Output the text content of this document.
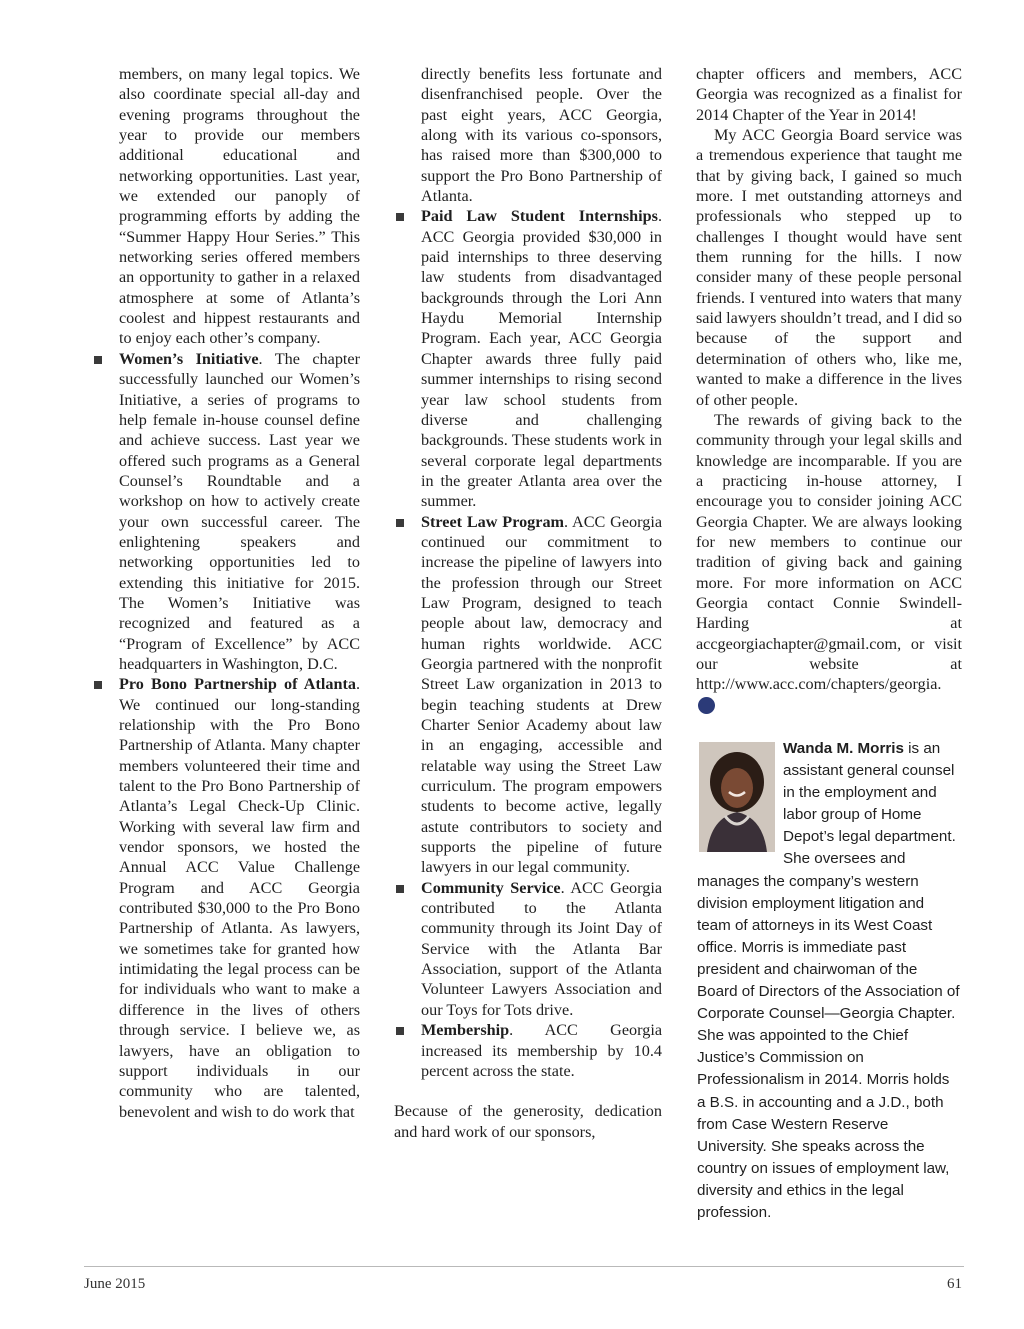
members, on many legal topics. We also coordinate special all-day and evening programs throughout the year to provide our members additional educational and networking opportunities. Last year, we extended our panoply of programming efforts by adding the “Summer Happy Hour Series.” This networking series offered members an opportunity to gather in a relaxed atmosphere at some of Atlanta’s coolest and hippest restaurants and to enjoy each other’s company.

Women’s Initiative. The chapter successfully launched our Women’s Initiative, a series of programs to help female in-house counsel define and achieve success. Last year we offered such programs as a General Counsel’s Roundtable and a workshop on how to actively create your own successful career. The enlightening speakers and networking opportunities led to extending this initiative for 2015. The Women’s Initiative was recognized and featured as a “Program of Excellence” by ACC headquarters in Washington, D.C.

Pro Bono Partnership of Atlanta. We continued our long-standing relationship with the Pro Bono Partnership of Atlanta. Many chapter members volunteered their time and talent to the Pro Bono Partnership of Atlanta’s Legal Check-Up Clinic. Working with several law firm and vendor sponsors, we hosted the Annual ACC Value Challenge Program and ACC Georgia contributed $30,000 to the Pro Bono Partnership of Atlanta. As lawyers, we sometimes take for granted how intimidating the legal process can be for individuals who want to make a difference in the lives of others through service. I believe we, as lawyers, have an obligation to support individuals in our community who are talented, benevolent and wish to do work that

directly benefits less fortunate and disenfranchised people. Over the past eight years, ACC Georgia, along with its various co-sponsors, has raised more than $300,000 to support the Pro Bono Partnership of Atlanta.

Paid Law Student Internships. ACC Georgia provided $30,000 in paid internships to three deserving law students from disadvantaged backgrounds through the Lori Ann Haydu Memorial Internship Program. Each year, ACC Georgia Chapter awards three fully paid summer internships to rising second year law school students from diverse and challenging backgrounds. These students work in several corporate legal departments in the greater Atlanta area over the summer.

Street Law Program. ACC Georgia continued our commitment to increase the pipeline of lawyers into the profession through our Street Law Program, designed to teach people about law, democracy and human rights worldwide. ACC Georgia partnered with the nonprofit Street Law organization in 2013 to begin teaching students at Drew Charter Senior Academy about law in an engaging, accessible and relatable way using the Street Law curriculum. The program empowers students to become active, legally astute contributors to society and supports the pipeline of future lawyers in our legal community.

Community Service. ACC Georgia contributed to the Atlanta community through its Joint Day of Service with the Atlanta Bar Association, support of the Atlanta Volunteer Lawyers Association and our Toys for Tots drive.

Membership. ACC Georgia increased its membership by 10.4 percent across the state.

Because of the generosity, dedication and hard work of our sponsors,

chapter officers and members, ACC Georgia was recognized as a finalist for 2014 Chapter of the Year in 2014!

My ACC Georgia Board service was a tremendous experience that taught me that by giving back, I gained so much more. I met outstanding attorneys and professionals who stepped up to challenges I thought would have sent them running for the hills. I now consider many of these people personal friends. I ventured into waters that many said lawyers shouldn’t tread, and I did so because of the support and determination of others who, like me, wanted to make a difference in the lives of other people.

The rewards of giving back to the community through your legal skills and knowledge are incomparable. If you are a practicing in-house attorney, I encourage you to consider joining ACC Georgia Chapter. We are always looking for new members to continue our tradition of giving back and gaining more. For more information on ACC Georgia contact Connie Swindell-Harding at accgeorgiachapter@gmail.com, or visit our website at http://www.acc.com/chapters/georgia. GBJ

Wanda M. Morris is an assistant general counsel in the employment and labor group of Home Depot’s legal department. She oversees and manages the company’s western division employment litigation and team of attorneys in its West Coast office. Morris is immediate past president and chairwoman of the Board of Directors of the Association of Corporate Counsel—Georgia Chapter. She was appointed to the Chief Justice’s Commission on Professionalism in 2014. Morris holds a B.S. in accounting and a J.D., both from Case Western Reserve University. She speaks across the country on issues of employment law, diversity and ethics in the legal profession.
June 2015	61
